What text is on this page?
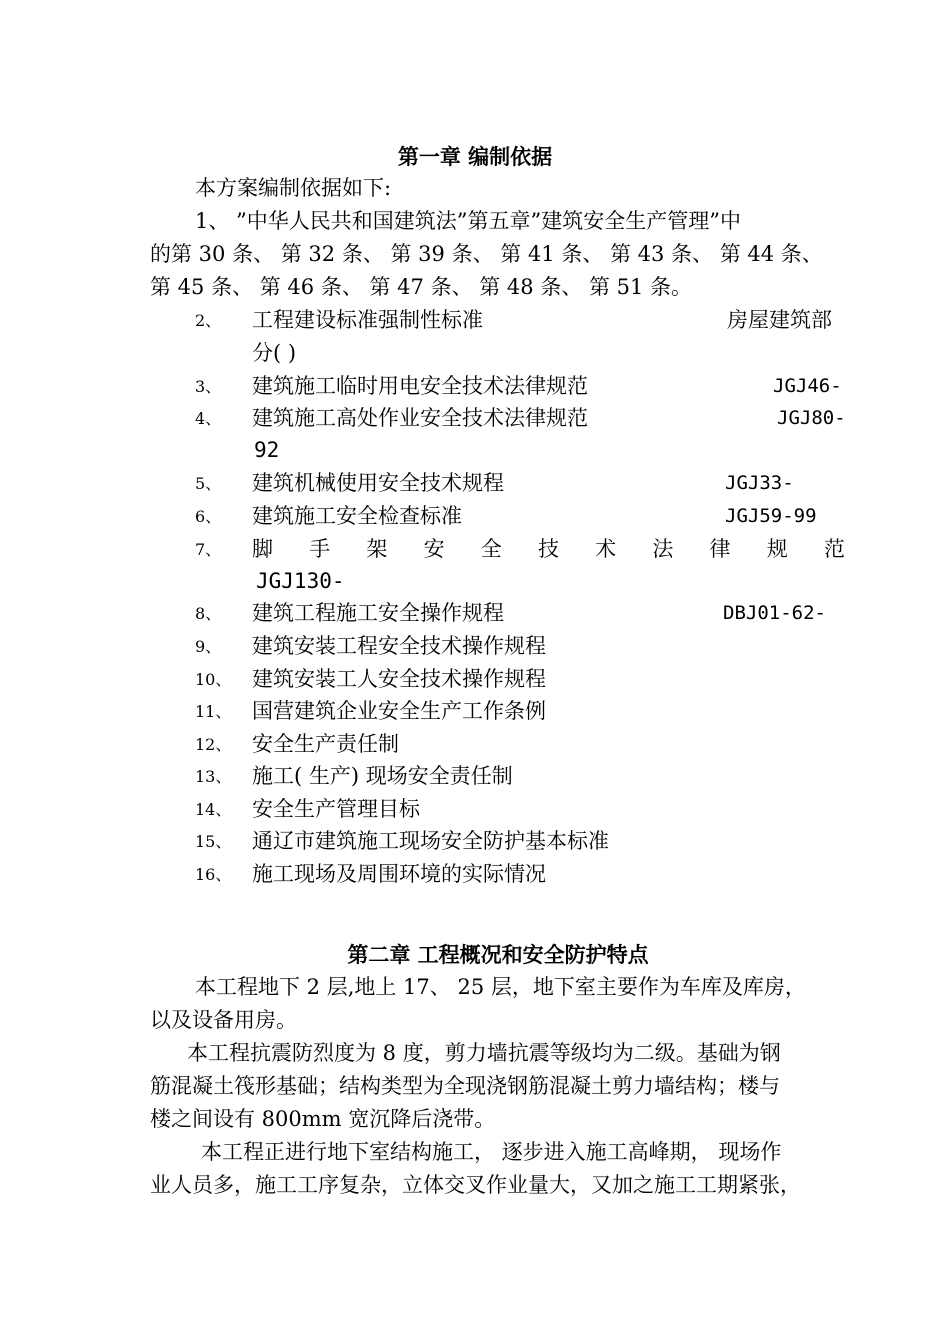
第一章 编制依据
本方案编制依据如下:
1、 ”中华人民共和国建筑法”第五章”建筑安全生产管理”中
的第 30 条、 第 32 条、 第 39 条、 第 41 条、 第 43 条、 第 44 条、
第 45 条、 第 46 条、 第 47 条、 第 48 条、 第 51 条。
2、 工程建设标准强制性标准	房屋建筑部
分( )
3、 建筑施工临时用电安全技术法律规范	JGJ46-
4、 建筑施工高处作业安全技术法律规范	JGJ80-
92
5、 建筑机械使用安全技术规程	JGJ33-
6、 建筑施工安全检查标准	JGJ59-99
7、 脚 手 架 安 全 技 术 法 律 规 范
JGJ130-
8、 建筑工程施工安全操作规程	DBJ01-62-
9、 建筑安装工程安全技术操作规程
10、 建筑安装工人安全技术操作规程
11、 国营建筑企业安全生产工作条例
12、 安全生产责任制
13、 施工( 生产) 现场安全责任制
14、 安全生产管理目标
15、 通辽市建筑施工现场安全防护基本标准
16、 施工现场及周围环境的实际情况
第二章 工程概况和安全防护特点
本工程地下 2 层,地上 17、 25 层，地下室主要作为车库及库房，
以及设备用房。
本工程抗震防烈度为 8 度，剪力墙抗震等级均为二级。基础为钢
筋混凝土筏形基础；结构类型为全现浇钢筋混凝土剪力墙结构；楼与
楼之间设有 800mm 宽沉降后浇带。
本工程正进行地下室结构施工， 逐步进入施工高峰期， 现场作
业人员多，施工工序复杂，立体交叉作业量大，又加之施工工期紧张，
